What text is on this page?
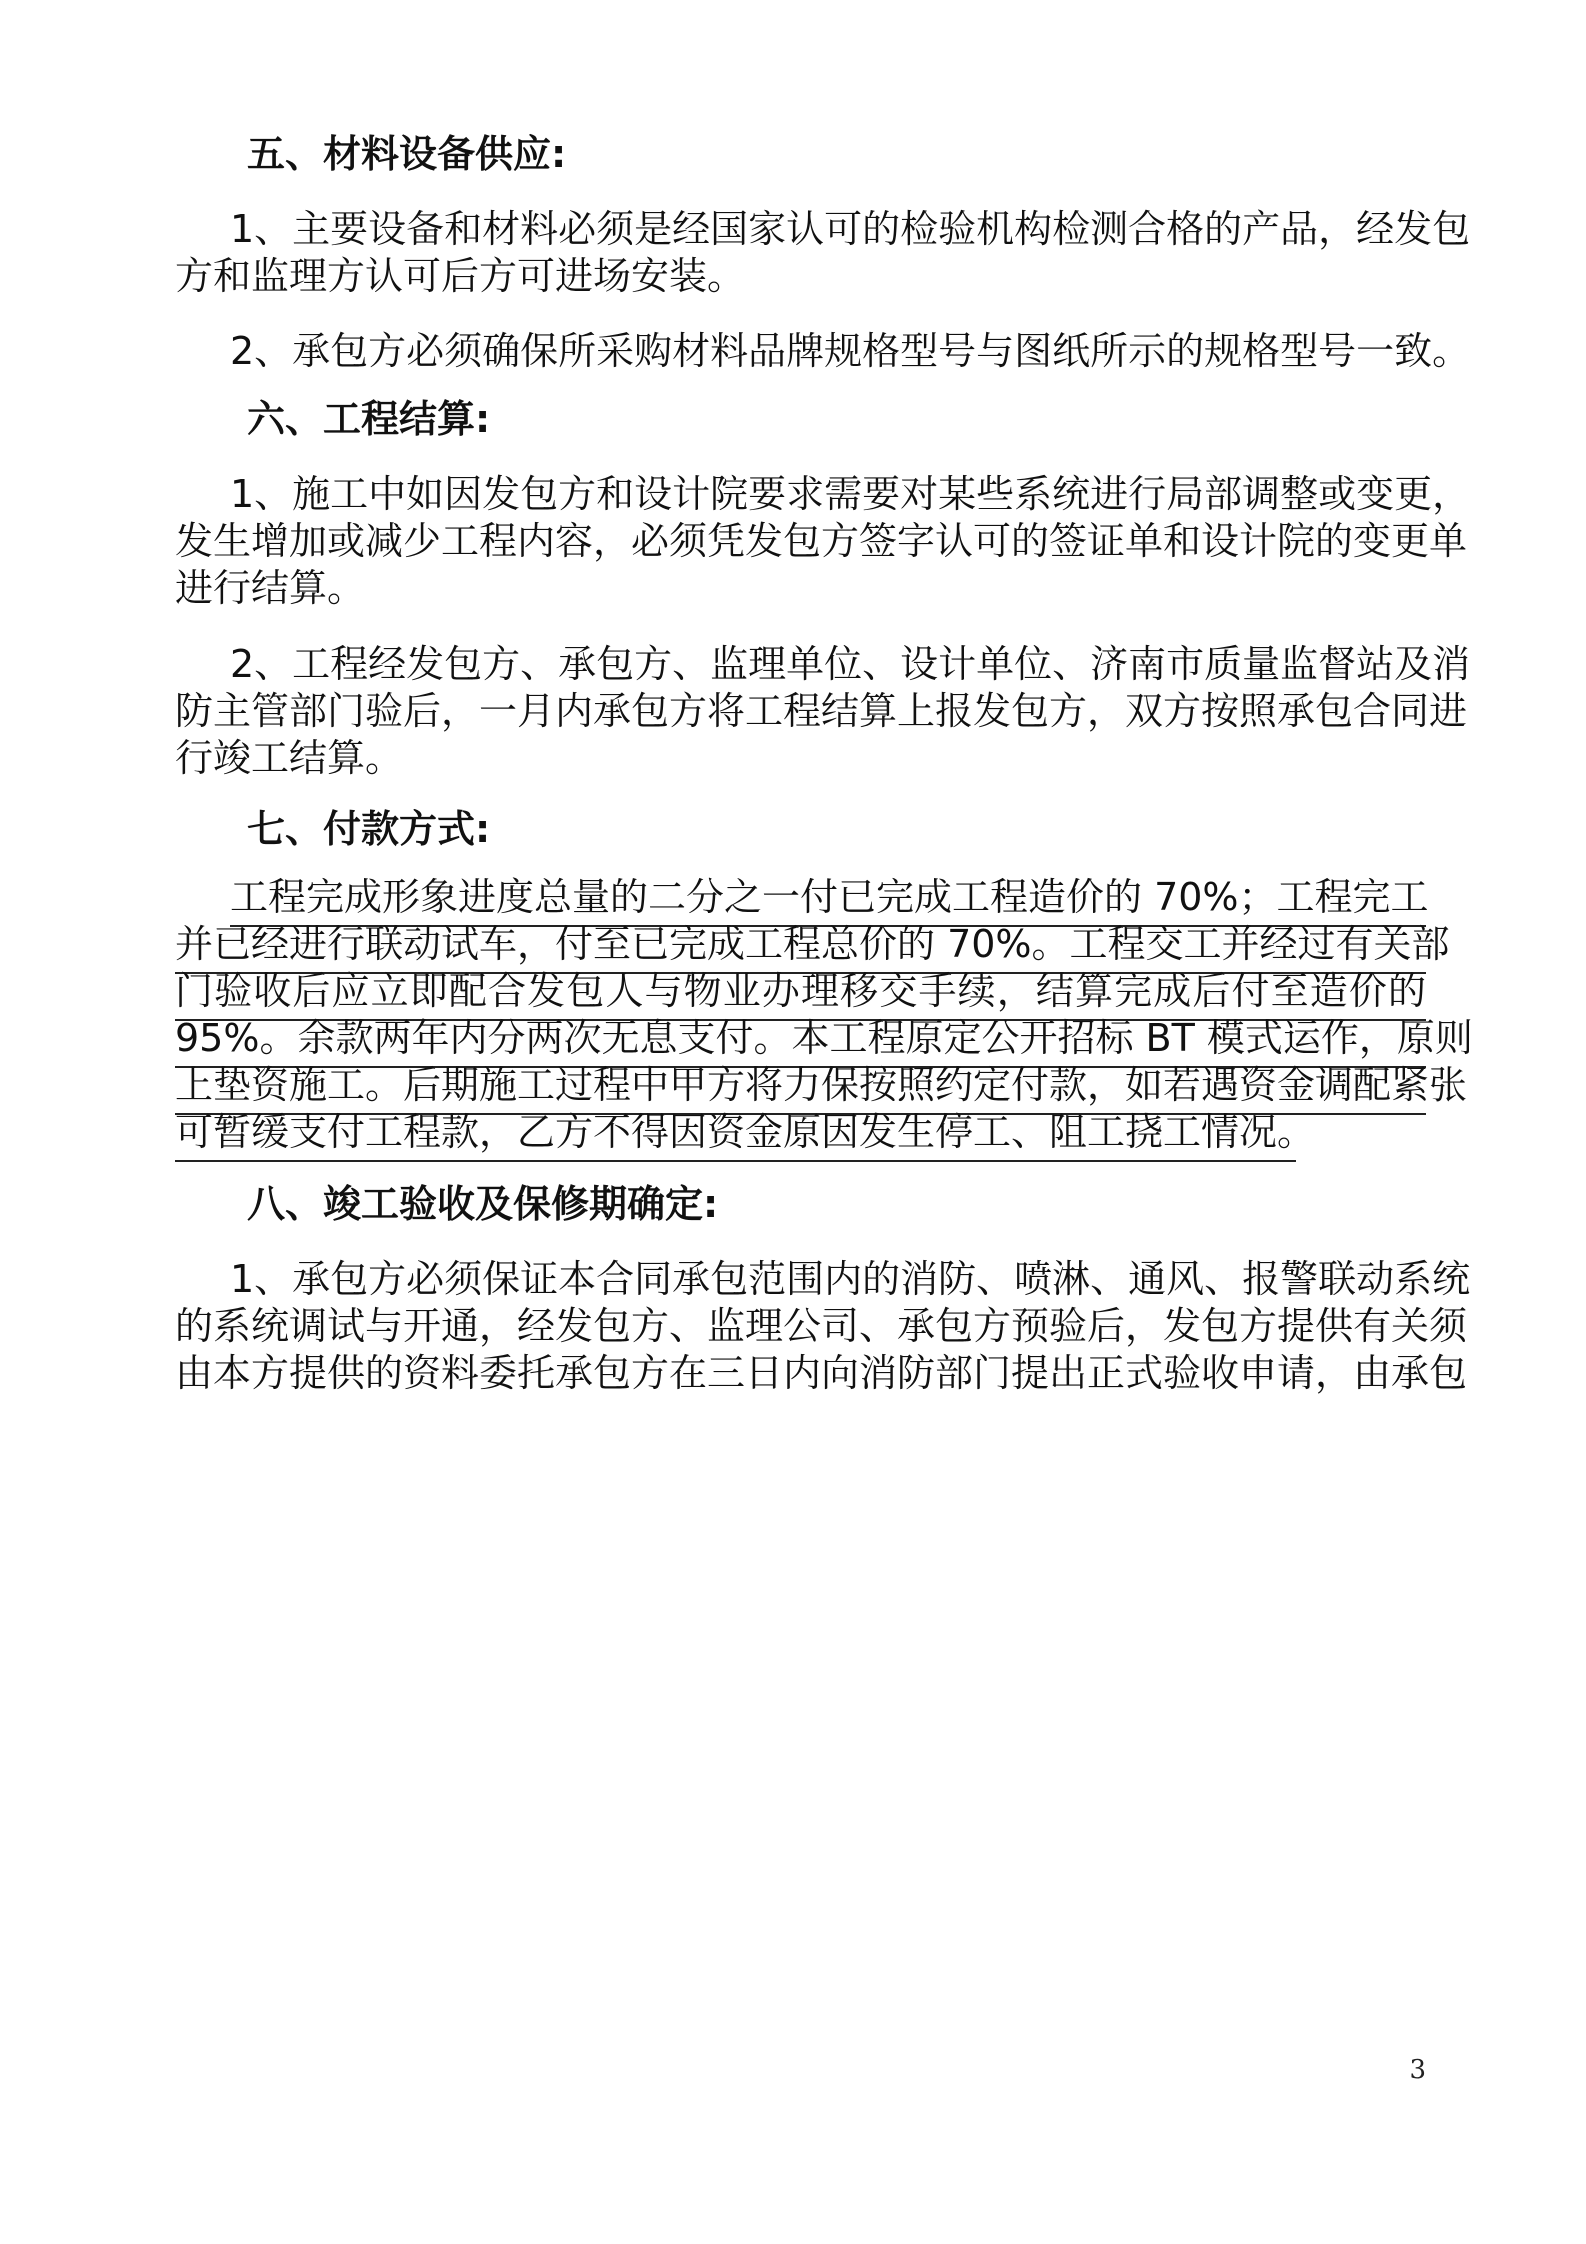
五、材料设备供应:
1、主要设备和材料必须是经国家认可的检验机构检测合格的产品，经发包
方和监理方认可后方可进场安装。
2、承包方必须确保所采购材料品牌规格型号与图纸所示的规格型号一致。
六、工程结算:
1、施工中如因发包方和设计院要求需要对某些系统进行局部调整或变更，
发生增加或减少工程内容，必须凭发包方签字认可的签证单和设计院的变更单
进行结算。
2、工程经发包方、承包方、监理单位、设计单位、济南市质量监督站及消
防主管部门验后，一月内承包方将工程结算上报发包方，双方按照承包合同进
行竣工结算。
七、付款方式:
工程完成形象进度总量的二分之一付已完成工程造价的 70%；工程完工
并已经进行联动试车，付至已完成工程总价的 70%。工程交工并经过有关部
门验收后应立即配合发包人与物业办理移交手续，结算完成后付至造价的
95%。余款两年内分两次无息支付。本工程原定公开招标 BT 模式运作，原则
上垫资施工。后期施工过程中甲方将力保按照约定付款，如若遇资金调配紧张
可暂缓支付工程款，乙方不得因资金原因发生停工、阻工挠工情况。
八、竣工验收及保修期确定:
1、承包方必须保证本合同承包范围内的消防、喷淋、通风、报警联动系统
的系统调试与开通，经发包方、监理公司、承包方预验后，发包方提供有关须
由本方提供的资料委托承包方在三日内向消防部门提出正式验收申请，由承包
3
